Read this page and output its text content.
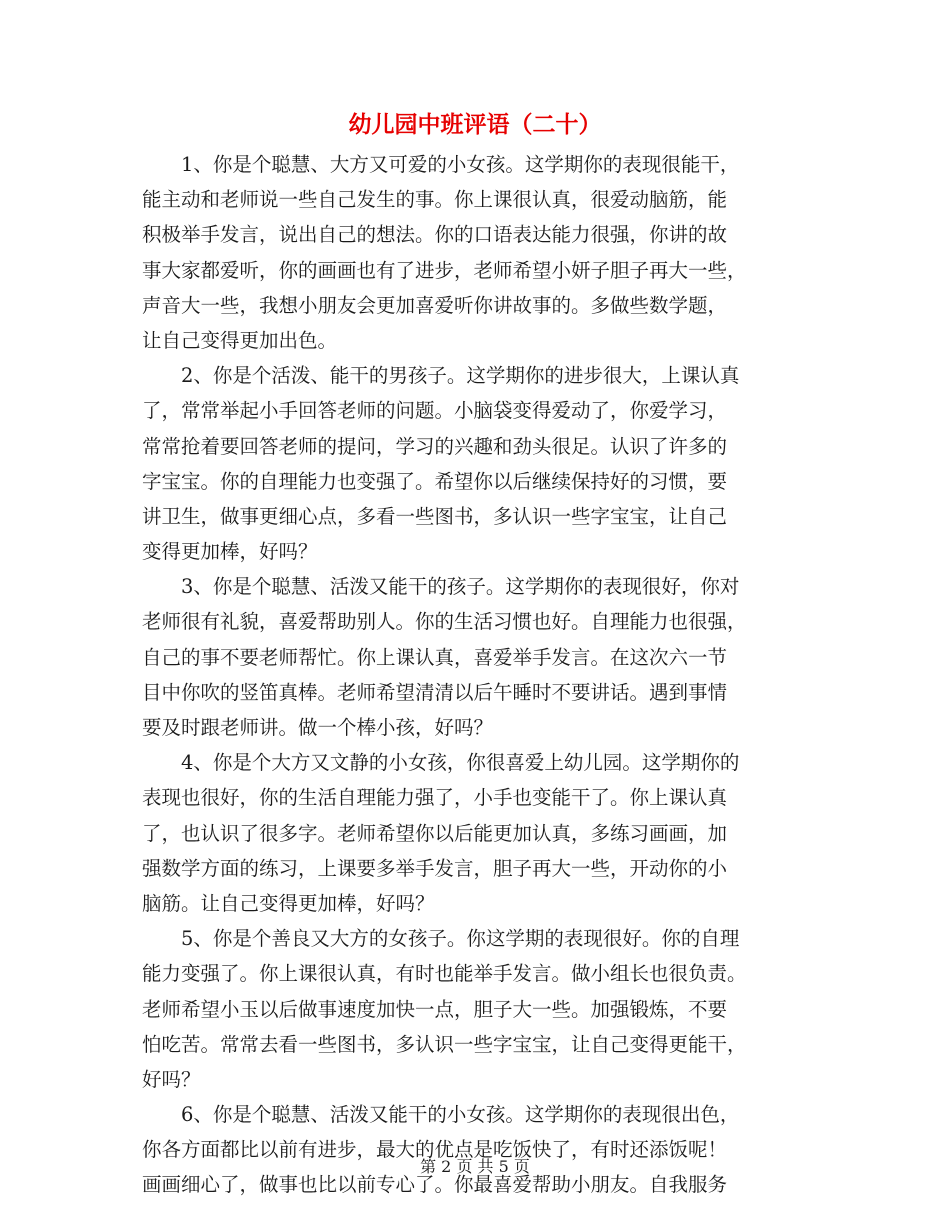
幼儿园中班评语（二十）
1、你是个聪慧、大方又可爱的小女孩。这学期你的表现很能干，
能主动和老师说一些自己发生的事。你上课很认真，很爱动脑筋，能
积极举手发言，说出自己的想法。你的口语表达能力很强，你讲的故
事大家都爱听，你的画画也有了进步，老师希望小妍子胆子再大一些，
声音大一些，我想小朋友会更加喜爱听你讲故事的。多做些数学题，
让自己变得更加出色。
2、你是个活泼、能干的男孩子。这学期你的进步很大，上课认真
了，常常举起小手回答老师的问题。小脑袋变得爱动了，你爱学习，
常常抢着要回答老师的提问，学习的兴趣和劲头很足。认识了许多的
字宝宝。你的自理能力也变强了。希望你以后继续保持好的习惯，要
讲卫生，做事更细心点，多看一些图书，多认识一些字宝宝，让自己
变得更加棒，好吗？
3、你是个聪慧、活泼又能干的孩子。这学期你的表现很好，你对
老师很有礼貌，喜爱帮助别人。你的生活习惯也好。自理能力也很强，
自己的事不要老师帮忙。你上课认真，喜爱举手发言。在这次六一节
目中你吹的竖笛真棒。老师希望清清以后午睡时不要讲话。遇到事情
要及时跟老师讲。做一个棒小孩，好吗？
4、你是个大方又文静的小女孩，你很喜爱上幼儿园。这学期你的
表现也很好，你的生活自理能力强了，小手也变能干了。你上课认真
了，也认识了很多字。老师希望你以后能更加认真，多练习画画，加
强数学方面的练习，上课要多举手发言，胆子再大一些，开动你的小
脑筋。让自己变得更加棒，好吗？
5、你是个善良又大方的女孩子。你这学期的表现很好。你的自理
能力变强了。你上课很认真，有时也能举手发言。做小组长也很负责。
老师希望小玉以后做事速度加快一点，胆子大一些。加强锻炼，不要
怕吃苦。常常去看一些图书，多认识一些字宝宝，让自己变得更能干，
好吗？
6、你是个聪慧、活泼又能干的小女孩。这学期你的表现很出色，
你各方面都比以前有进步，最大的优点是吃饭快了，有时还添饭呢！
画画细心了，做事也比以前专心了。你最喜爱帮助小朋友。自我服务
第 2 页 共 5 页
